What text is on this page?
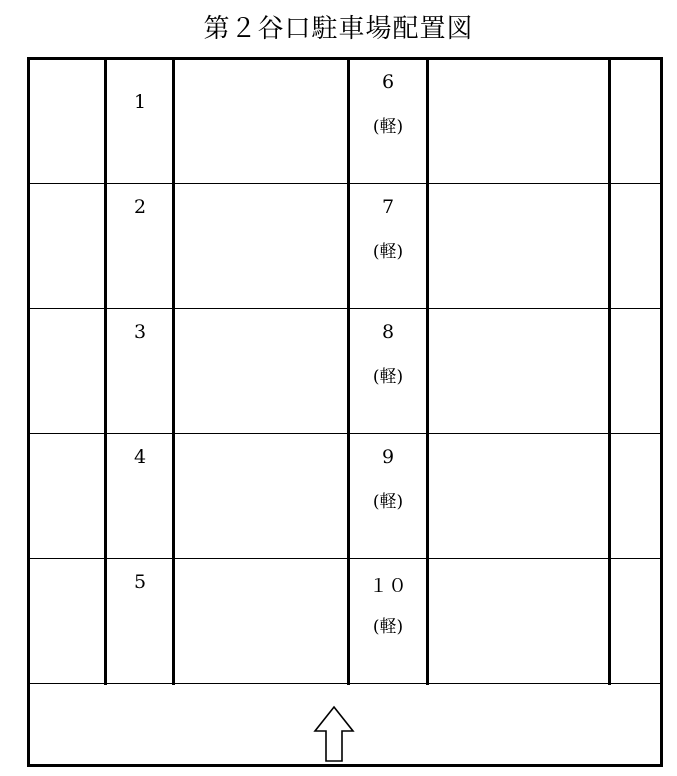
第２谷口駐車場配置図
1
2
3
4
5
6
(軽)
7
(軽)
8
(軽)
9
(軽)
１０
(軽)
